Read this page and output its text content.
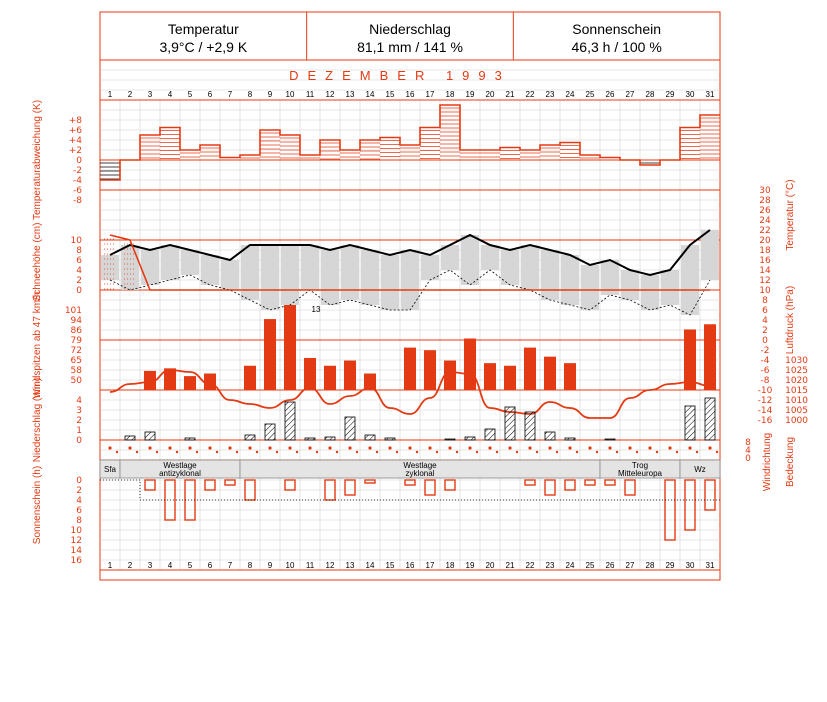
Temperatur
3,9°C / +2,9 K
Niederschlag
81,1 mm / 141 %
Sonnenschein
46,3 h / 100 %
13
Sfa	Westlage
antizyklonal
Westlage
zyklonal
Trog
Mitteleuropa	Wz
DEZEMBER 1993
1
1
2
2
3
3
4
4
5
5
6
6
7
7
8
8
9
9
10
10
11
11
12
12
13
13
14
14
15
15
16
16
17
17
18
18
19
19
20
20
21
21
22
22
23
23
24
24
25
25
26
26
27
27
28
28
29
29
30
30
31
31
+8
+6
+4
+2
0
-2
-4
-6
-8
10
8
6
4
2
0
101
94
86
79
72
65
58
50
4
3
2
1
0
0
2
4
6
8
10
12
14
16
30
28
26
24
22
20
18
16
14
12
10
8
6
4
2
0
-2
-4
-6
-8
-10
-12
-14
-16
1030
1025
1020
1015
1010
1005
1000
8
4
0
Temperaturabweichung (K)
Schneehöhe (cm)
Windspitzen ab 47 km/h
Niederschlag (mm)
Sonnenschein (h)
Temperatur (°C)
Luftdruck (hPa)
Windrichtung Bedeckung
